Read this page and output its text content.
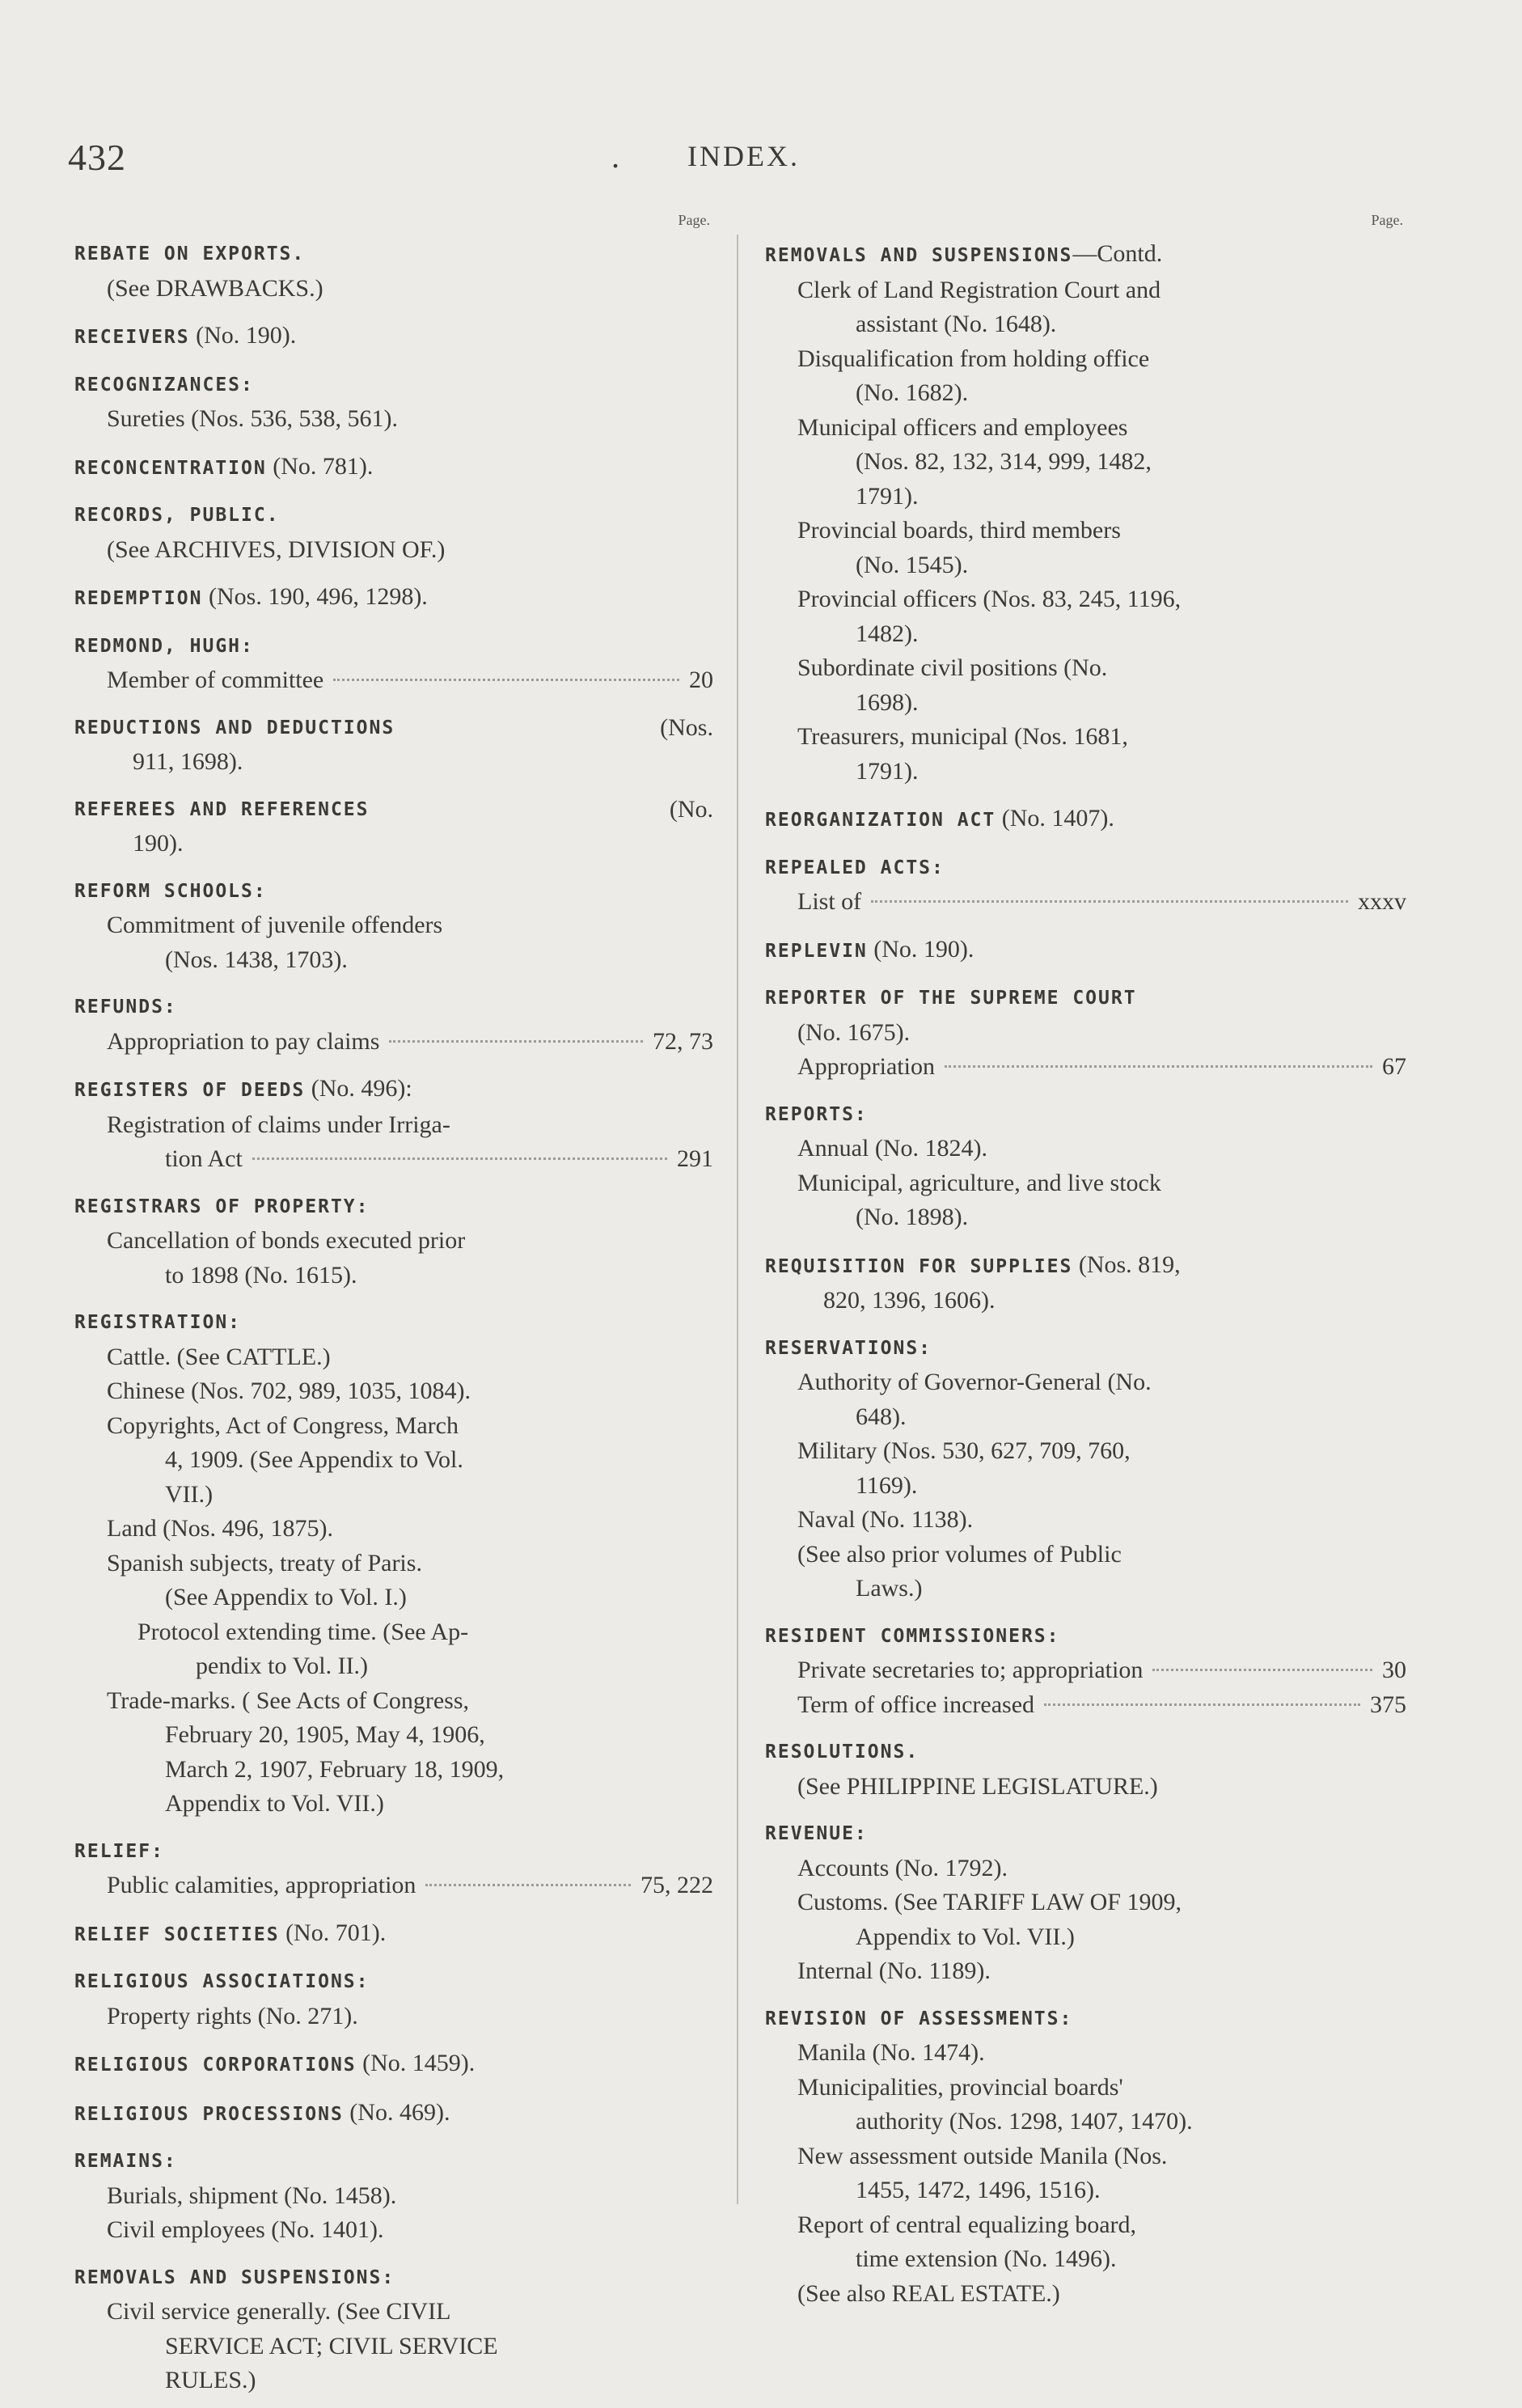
432	. INDEX.
Page.
REBATE ON EXPORTS.
(See DRAWBACKS.)
RECEIVERS (No. 190).
RECOGNIZANCES:
Sureties (Nos. 536, 538, 561).
RECONCENTRATION (No. 781).
RECORDS, PUBLIC.
(See ARCHIVES, DIVISION OF.)
REDEMPTION (Nos. 190, 496, 1298).
REDMOND, HUGH:
Member of committee	20
REDUCTIONS AND DEDUCTIONS	(Nos.
911, 1698).
REFEREES AND REFERENCES	(No.
190).
REFORM SCHOOLS:
Commitment of juvenile offenders
(Nos. 1438, 1703).
REFUNDS:
Appropriation to pay claims	72, 73
REGISTERS OF DEEDS (No. 496):
Registration of claims under Irriga-
tion Act	291
REGISTRARS OF PROPERTY:
Cancellation of bonds executed prior
to 1898 (No. 1615).
REGISTRATION:
Cattle. (See CATTLE.)
Chinese (Nos. 702, 989, 1035, 1084).
Copyrights, Act of Congress, March
4, 1909. (See Appendix to Vol.
VII.)
Land (Nos. 496, 1875).
Spanish subjects, treaty of Paris.
(See Appendix to Vol. I.)
Protocol extending time. (See Ap-
pendix to Vol. II.)
Trade-marks. ( See Acts of Congress,
February 20, 1905, May 4, 1906,
March 2, 1907, February 18, 1909,
Appendix to Vol. VII.)
RELIEF:
Public calamities, appropriation	75, 222
RELIEF SOCIETIES (No. 701).
RELIGIOUS ASSOCIATIONS:
Property rights (No. 271).
RELIGIOUS CORPORATIONS (No. 1459).
RELIGIOUS PROCESSIONS (No. 469).
REMAINS:
Burials, shipment (No. 1458).
Civil employees (No. 1401).
REMOVALS AND SUSPENSIONS:
Civil service generally. (See CIVIL
SERVICE ACT; CIVIL SERVICE
RULES.)
Page.
REMOVALS AND SUSPENSIONS—Contd.
Clerk of Land Registration Court and
assistant (No. 1648).
Disqualification from holding office
(No. 1682).
Municipal officers and employees
(Nos. 82, 132, 314, 999, 1482,
1791).
Provincial boards, third members
(No. 1545).
Provincial officers (Nos. 83, 245, 1196,
1482).
Subordinate civil positions (No.
1698).
Treasurers, municipal (Nos. 1681,
1791).
REORGANIZATION ACT (No. 1407).
REPEALED ACTS:
List of	xxxv
REPLEVIN (No. 190).
REPORTER OF THE SUPREME COURT
(No. 1675).
Appropriation	67
REPORTS:
Annual (No. 1824).
Municipal, agriculture, and live stock
(No. 1898).
REQUISITION FOR SUPPLIES (Nos. 819,
820, 1396, 1606).
RESERVATIONS:
Authority of Governor-General (No.
648).
Military (Nos. 530, 627, 709, 760,
1169).
Naval (No. 1138).
(See also prior volumes of Public
Laws.)
RESIDENT COMMISSIONERS:
Private secretaries to; appropriation	30
Term of office increased	375
RESOLUTIONS.
(See PHILIPPINE LEGISLATURE.)
REVENUE:
Accounts (No. 1792).
Customs. (See TARIFF LAW OF 1909,
Appendix to Vol. VII.)
Internal (No. 1189).
REVISION OF ASSESSMENTS:
Manila (No. 1474).
Municipalities, provincial boards'
authority (Nos. 1298, 1407, 1470).
New assessment outside Manila (Nos.
1455, 1472, 1496, 1516).
Report of central equalizing board,
time extension (No. 1496).
(See also REAL ESTATE.)
